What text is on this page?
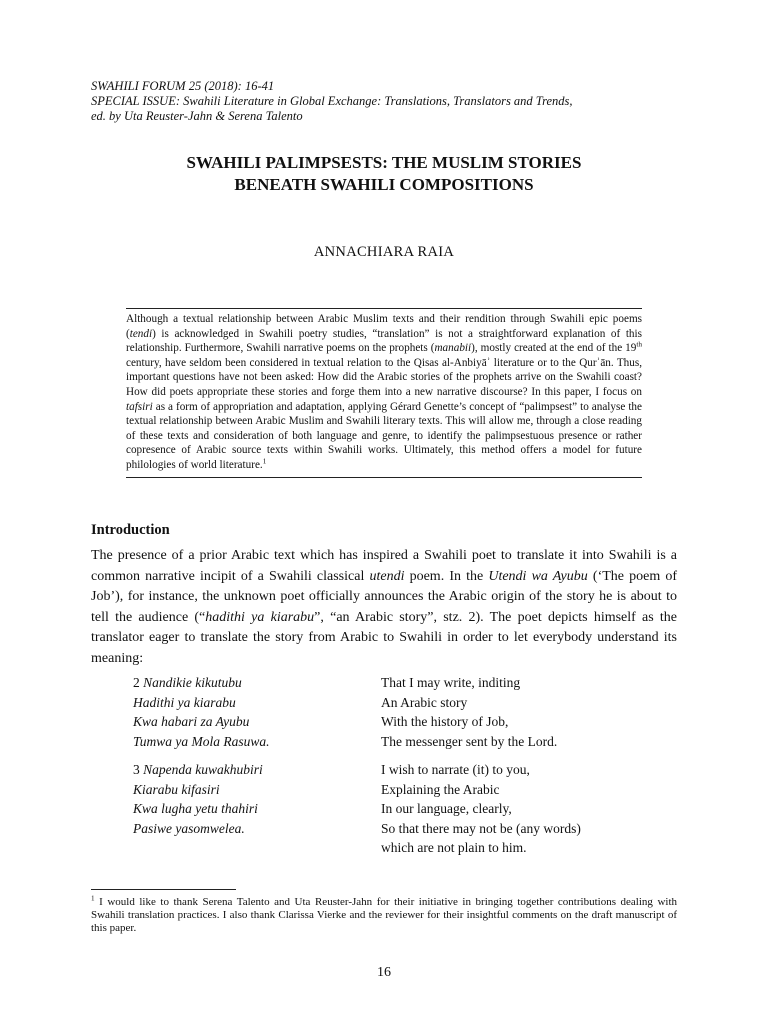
SWAHILI FORUM 25 (2018): 16-41
SPECIAL ISSUE: Swahili Literature in Global Exchange: Translations, Translators and Trends,
ed. by Uta Reuster-Jahn & Serena Talento
SWAHILI PALIMPSESTS: THE MUSLIM STORIES
BENEATH SWAHILI COMPOSITIONS
ANNACHIARA RAIA
Although a textual relationship between Arabic Muslim texts and their rendition through Swahili epic poems (tendi) is acknowledged in Swahili poetry studies, “translation” is not a straightforward explanation of this relationship. Furthermore, Swahili narrative poems on the prophets (manabii), mostly created at the end of the 19th century, have seldom been considered in textual relation to the Qisas al-Anbiyāʾ literature or to the Qurʾān. Thus, important questions have not been asked: How did the Arabic stories of the prophets arrive on the Swahili coast? How did poets appropriate these stories and forge them into a new narrative discourse? In this paper, I focus on tafsiri as a form of appropriation and adaptation, applying Gérard Genette’s concept of “palimpsest” to analyse the textual relationship between Arabic Muslim and Swahili literary texts. This will allow me, through a close reading of these texts and consideration of both language and genre, to identify the palimpsestuous presence or rather copresence of Arabic source texts within Swahili works. Ultimately, this method offers a model for future philologies of world literature.$^1$
Introduction
The presence of a prior Arabic text which has inspired a Swahili poet to translate it into Swahili is a common narrative incipit of a Swahili classical utendi poem. In the Utendi wa Ayubu (‘The poem of Job’), for instance, the unknown poet officially announces the Arabic origin of the story he is about to tell the audience (“hadithi ya kiarabu”, “an Arabic story”, stz. 2). The poet depicts himself as the translator eager to translate the story from Arabic to Swahili in order to let everybody understand its meaning:
2 Nandikie kikutubu	That I may write, inditing
Hadithi ya kiarabu	An Arabic story
Kwa habari za Ayubu	With the history of Job,
Tumwa ya Mola Rasuwa.	The messenger sent by the Lord.
3 Napenda kuwakhubiri	I wish to narrate (it) to you,
Kiarabu kifasiri	Explaining the Arabic
Kwa lugha yetu thahiri	In our language, clearly,
Pasiwe yasomwelea.	So that there may not be (any words)
which are not plain to him.
$^1$ I would like to thank Serena Talento and Uta Reuster-Jahn for their initiative in bringing together contributions dealing with Swahili translation practices. I also thank Clarissa Vierke and the reviewer for their insightful comments on the draft manuscript of this paper.
16
